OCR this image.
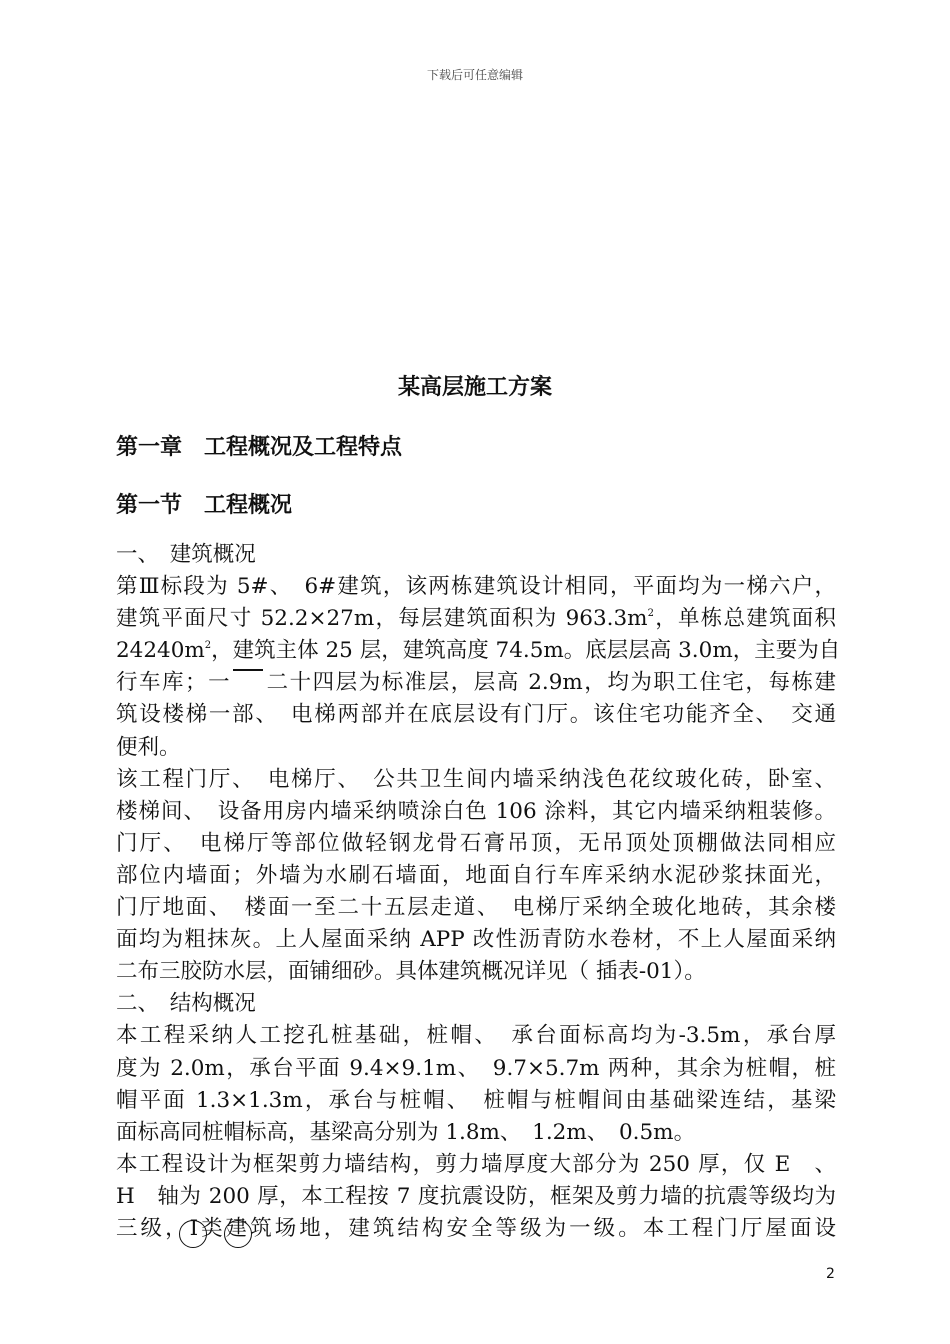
下载后可任意编辑
某高层施工方案
第一章　工程概况及工程特点
第一节　工程概况
一、　建筑概况
第Ⅲ标段为 5#、　6#建筑，该两栋建筑设计相同，平面均为一梯六户，
建筑平面尺寸 52.2×27m，每层建筑面积为 $963.3m^2$，单栋总建筑面积
$24240m^2$，建筑主体 25 层，建筑高度 74.5m。底层层高 3.0m，主要为自
行车库；一 二十四层为标准层，层高 2.9m，均为职工住宅，每栋建
筑设楼梯一部、　电梯两部并在底层设有门厅。该住宅功能齐全、　交通
便利。
该工程门厅、　电梯厅、　公共卫生间内墙采纳浅色花纹玻化砖，卧室、
楼梯间、　设备用房内墙采纳喷涂白色 106 涂料，其它内墙采纳粗装修。
门厅、　电梯厅等部位做轻钢龙骨石膏吊顶，无吊顶处顶棚做法同相应
部位内墙面；外墙为水刷石墙面，地面自行车库采纳水泥砂浆抹面光，
门厅地面、　楼面一至二十五层走道、　电梯厅采纳全玻化地砖，其余楼
面均为粗抹灰。上人屋面采纳 APP 改性沥青防水卷材，不上人屋面采纳
二布三胶防水层，面铺细砂。具体建筑概况详见（ 插表-01）。
二、　结构概况
本工程采纳人工挖孔桩基础，桩帽、　承台面标高均为-3.5m，承台厚
度为 2.0m，承台平面 9.4×9.1m、　9.7×5.7m 两种，其余为桩帽，桩
帽平面 1.3×1.3m，承台与桩帽、　桩帽与桩帽间由基础梁连结，基梁
面标高同桩帽标高，基梁高分别为 1.8m、　1.2m、　0.5m。
本工程设计为框架剪力墙结构，剪力墙厚度大部分为 250 厚，仅 E　、
H　轴为 200 厚，本工程按 7 度抗震设防，框架及剪力墙的抗震等级均为
三级，Ⅰ类建筑场地，建筑结构安全等级为一级。本工程门厅屋面设
2
